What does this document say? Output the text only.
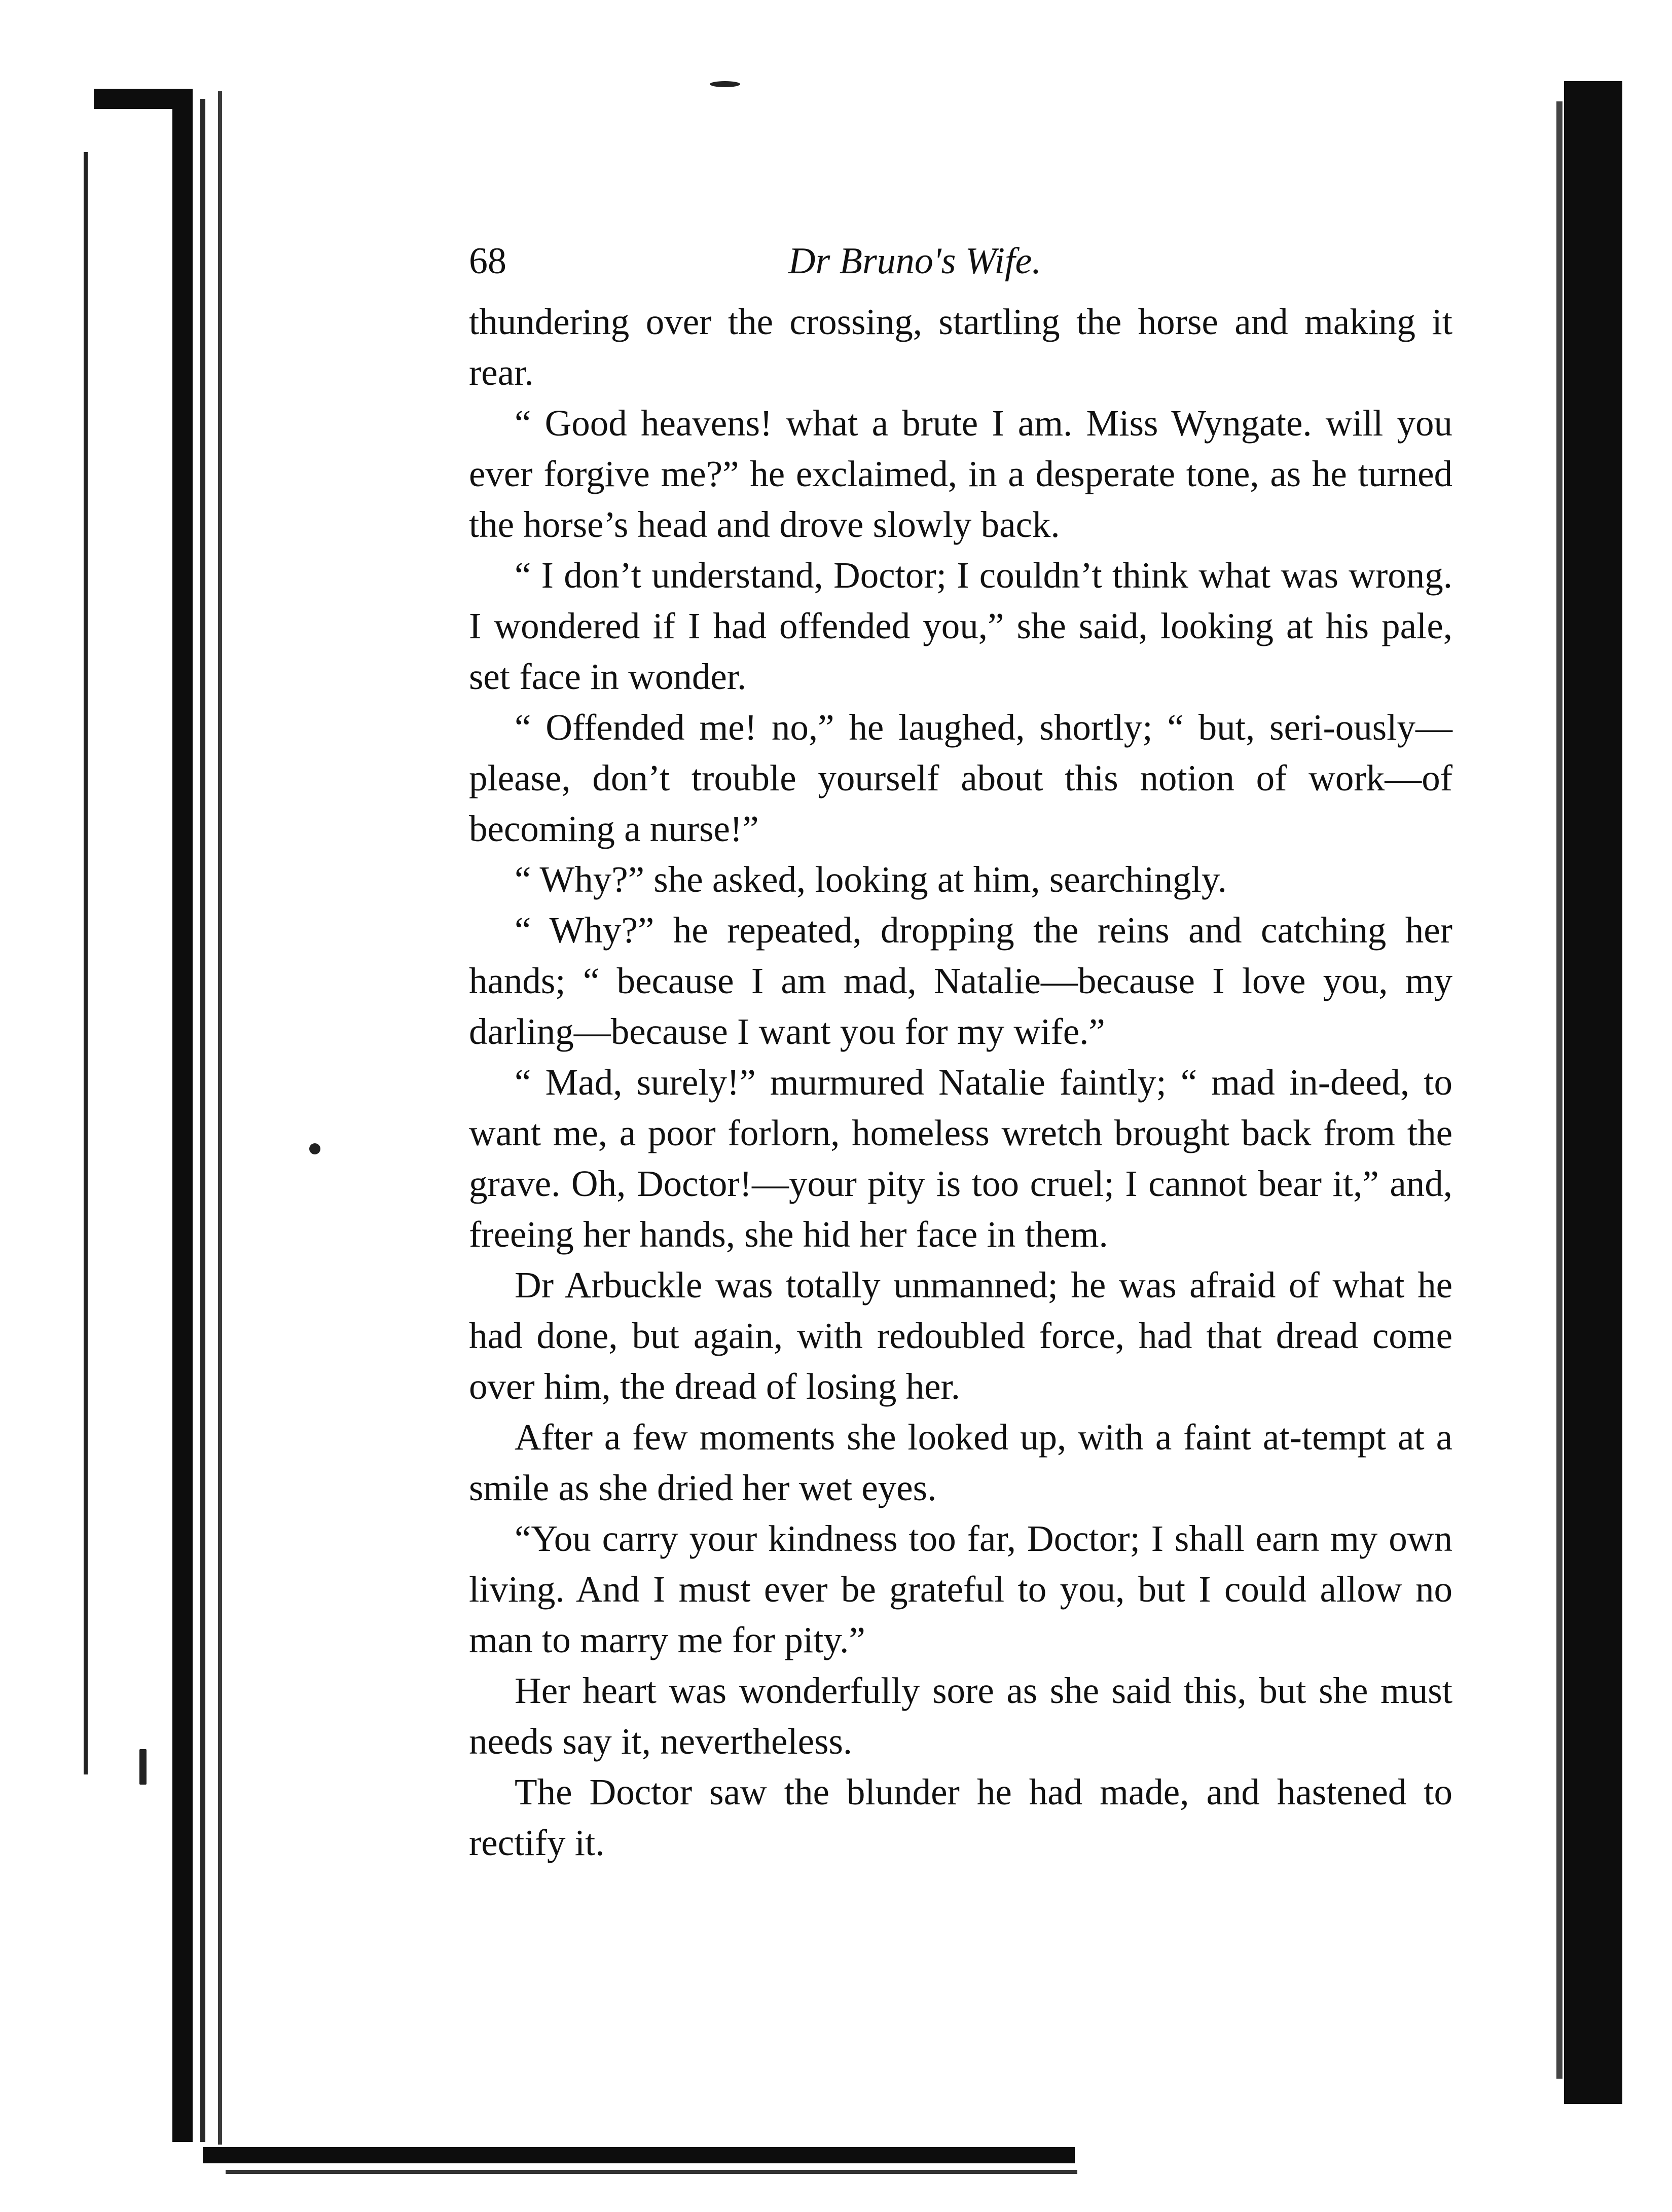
68	Dr Bruno's Wife.

thundering over the crossing, startling the horse and making it rear.

“ Good heavens! what a brute I am. Miss Wyngate. will you ever forgive me?” he exclaimed, in a desperate tone, as he turned the horse’s head and drove slowly back.

“ I don’t understand, Doctor; I couldn’t think what was wrong. I wondered if I had offended you,” she said, looking at his pale, set face in wonder.

“ Offended me! no,” he laughed, shortly; “ but, seri-ously—please, don’t trouble yourself about this notion of work—of becoming a nurse!”

“ Why?” she asked, looking at him, searchingly.

“ Why?” he repeated, dropping the reins and catching her hands; “ because I am mad, Natalie—because I love you, my darling—because I want you for my wife.”

“ Mad, surely!” murmured Natalie faintly; “ mad in-deed, to want me, a poor forlorn, homeless wretch brought back from the grave. Oh, Doctor!—your pity is too cruel; I cannot bear it,” and, freeing her hands, she hid her face in them.

Dr Arbuckle was totally unmanned; he was afraid of what he had done, but again, with redoubled force, had that dread come over him, the dread of losing her.

After a few moments she looked up, with a faint at-tempt at a smile as she dried her wet eyes.

“You carry your kindness too far, Doctor; I shall earn my own living. And I must ever be grateful to you, but I could allow no man to marry me for pity.”

Her heart was wonderfully sore as she said this, but she must needs say it, nevertheless.

The Doctor saw the blunder he had made, and hastened to rectify it.
